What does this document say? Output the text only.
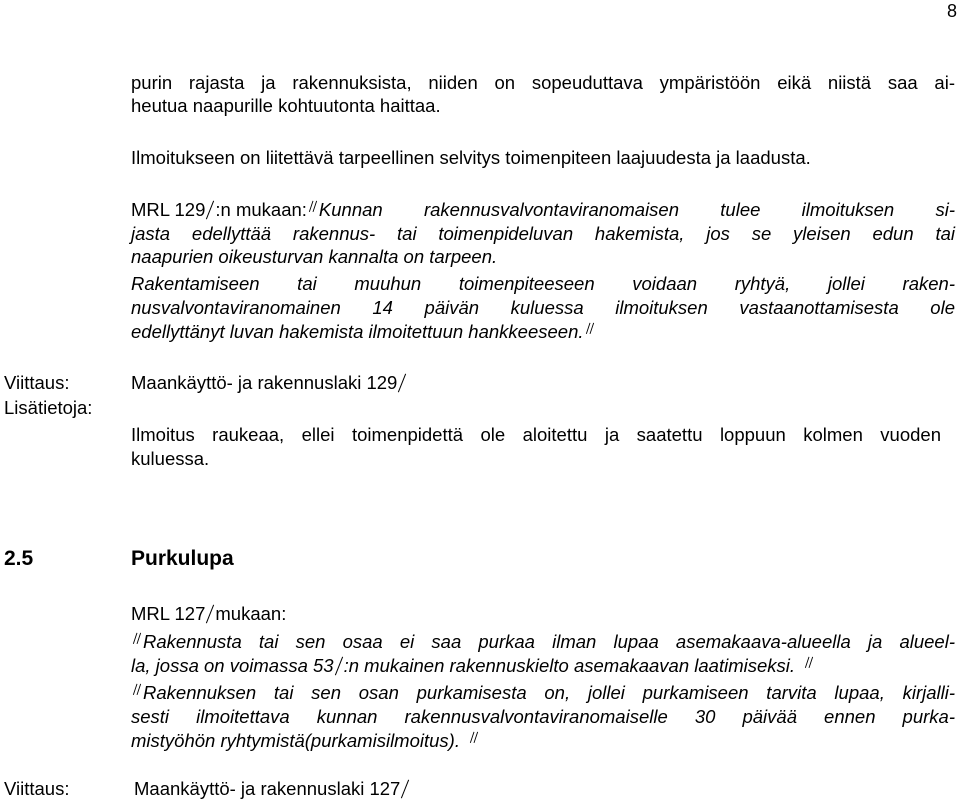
8
purin rajasta ja rakennuksista, niiden on sopeuduttava ympäristöön eikä niistä saa ai-
heutua naapurille kohtuutonta haittaa.
Ilmoitukseen on liitettävä tarpeellinen selvitys toimenpiteen laajuudesta ja laadusta.
MRL 129 :n mukaan: Kunnan rakennusvalvontaviranomaisen tulee ilmoituksen si-
jasta edellyttää rakennus- tai toimenpideluvan hakemista, jos se yleisen edun tai
naapurien oikeusturvan kannalta on tarpeen.
Rakentamiseen tai muuhun toimenpiteeseen voidaan ryhtyä, jollei raken-
nusvalvontaviranomainen 14 päivän kuluessa ilmoituksen vastaanottamisesta ole
edellyttänyt luvan hakemista ilmoitettuun hankkeeseen.
Viittaus:	Maankäyttö- ja rakennuslaki 129
Lisätietoja:
Ilmoitus raukeaa, ellei toimenpidettä ole aloitettu ja saatettu loppuun kolmen vuoden
kuluessa.
2.5	Purkulupa
MRL 127 mukaan:
Rakennusta tai sen osaa ei saa purkaa ilman lupaa asemakaava-alueella ja alueel-
la, jossa on voimassa 53 :n mukainen rakennuskielto asemakaavan laatimiseksi.
Rakennuksen tai sen osan purkamisesta on, jollei purkamiseen tarvita lupaa, kirjalli-
sesti ilmoitettava kunnan rakennusvalvontaviranomaiselle 30 päivää ennen purka-
mistyöhön ryhtymistä(purkamisilmoitus).
Viittaus:	Maankäyttö- ja rakennuslaki 127
